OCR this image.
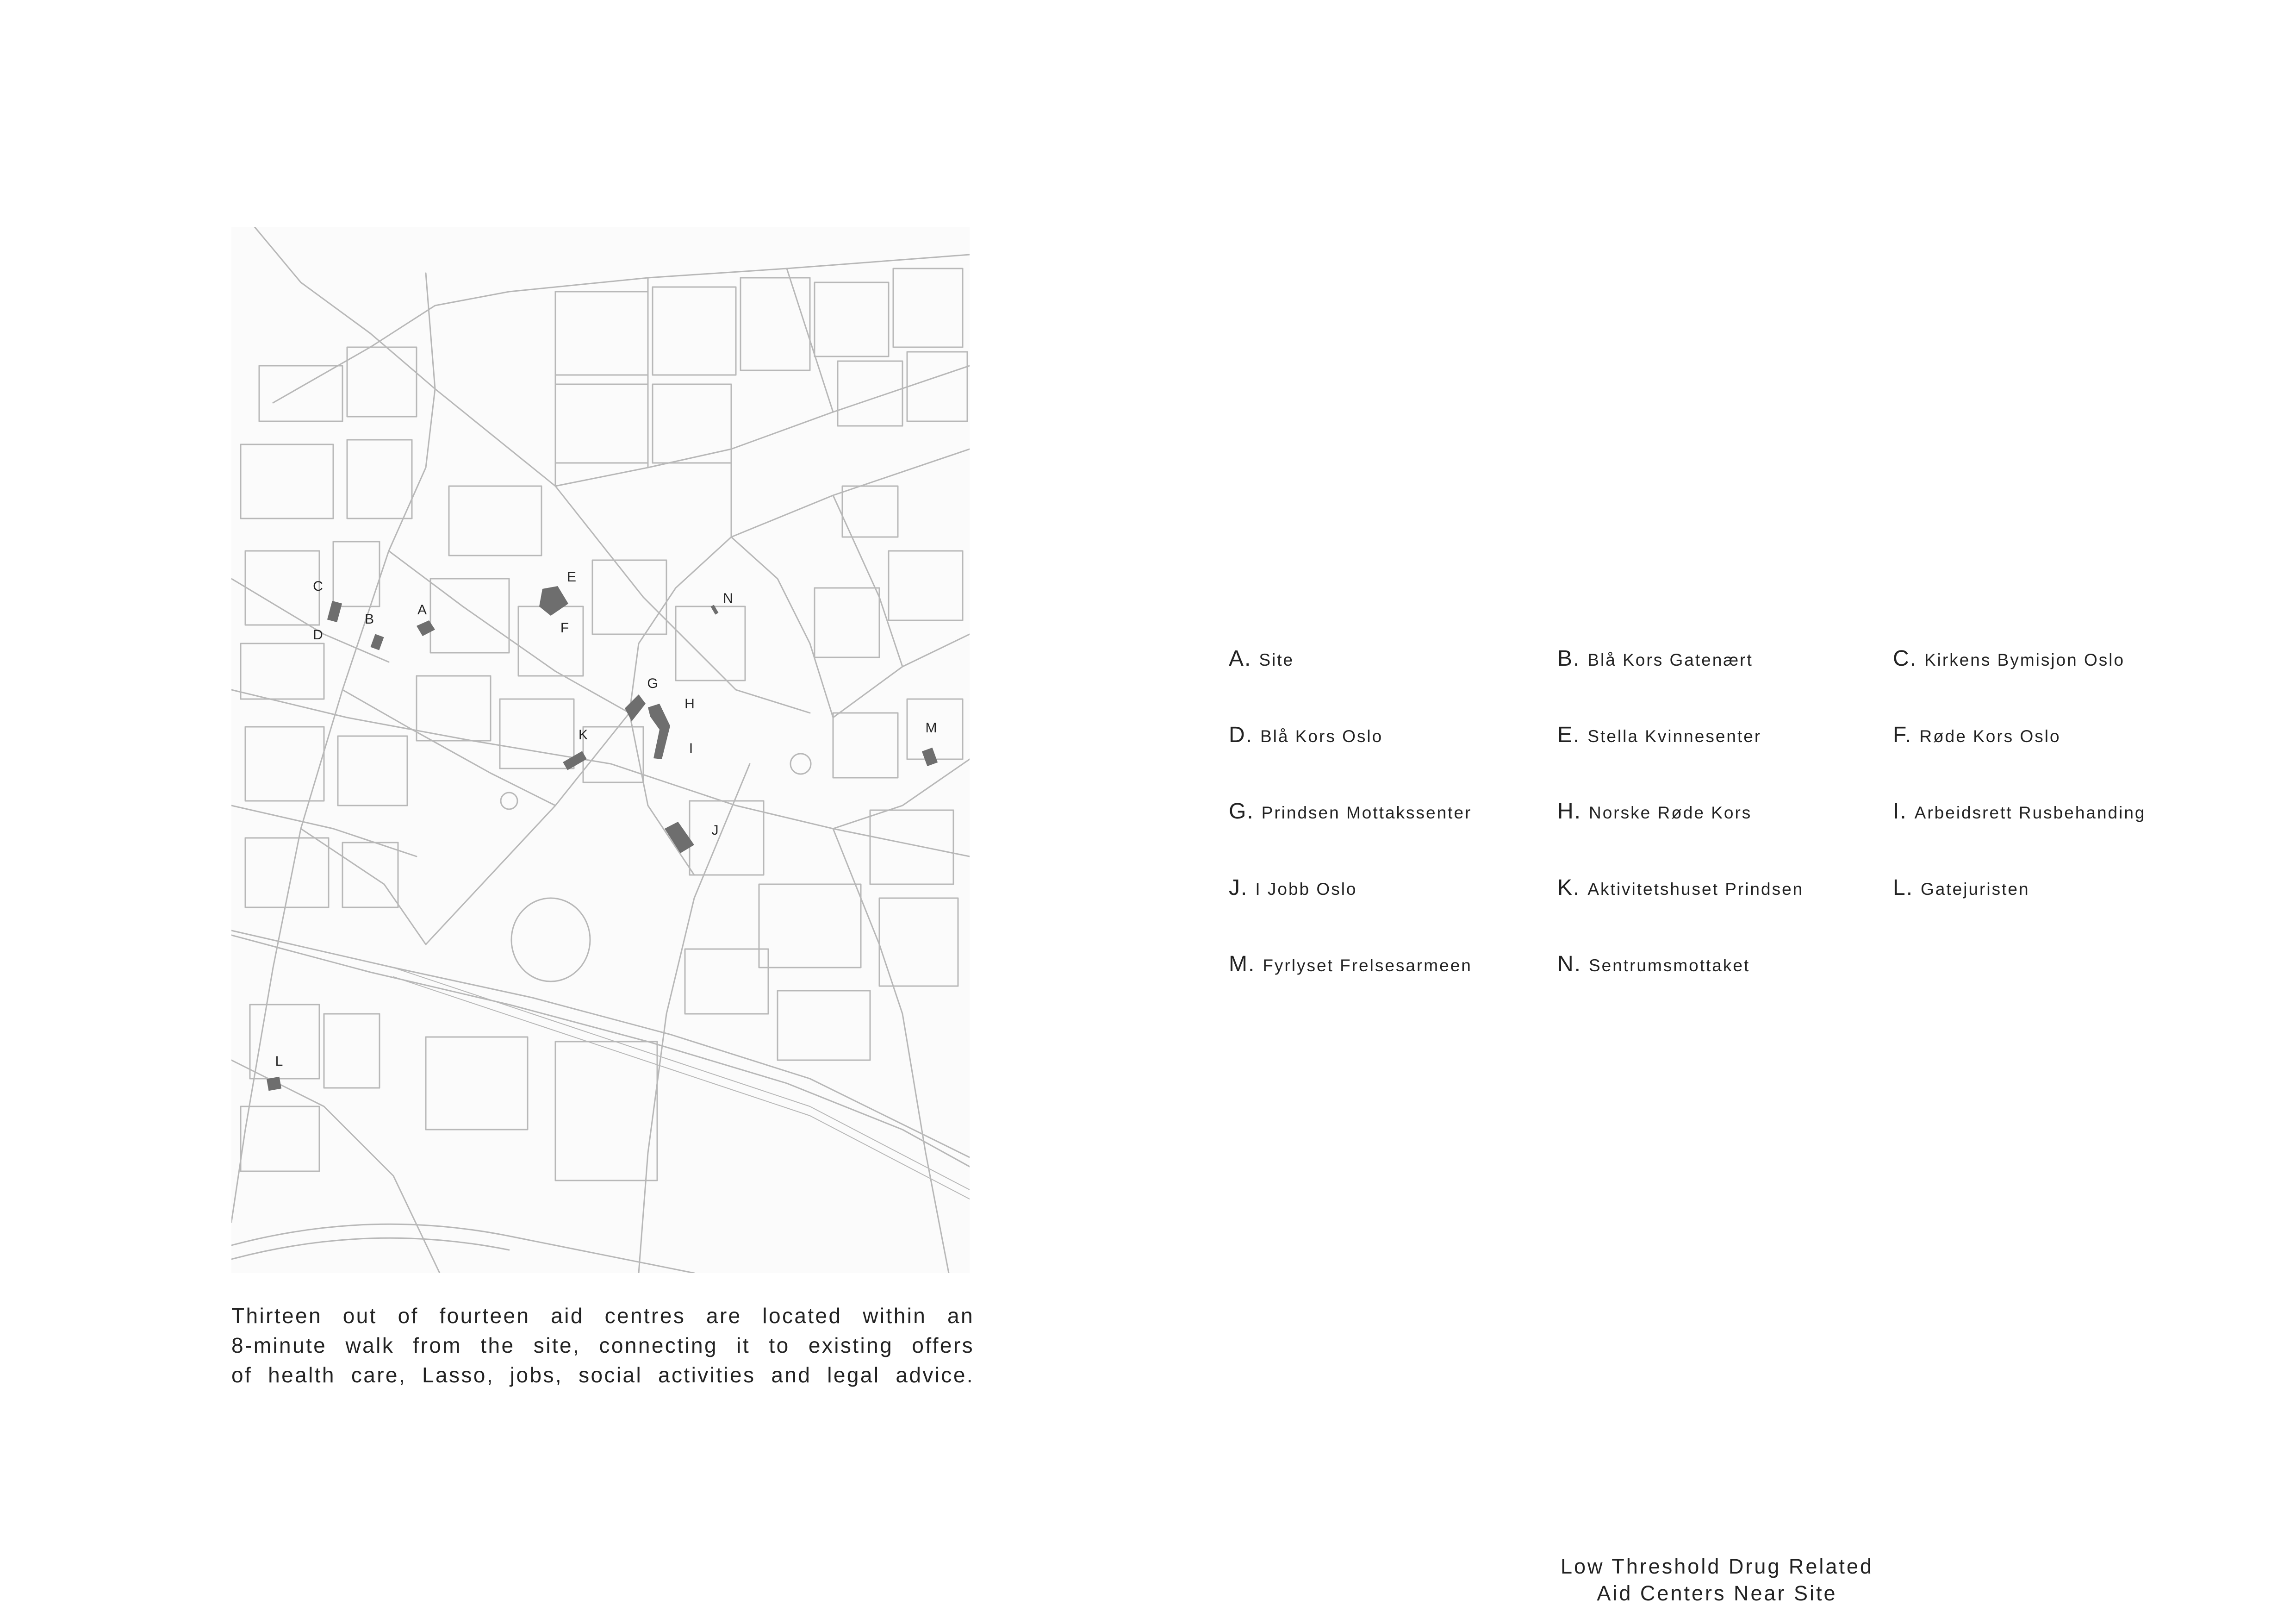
A
B
C
D
E
F
G
H
I
J
K
L
M
N
Thirteen out of fourteen aid centres are located within an
8-minute walk from the site, connecting it to existing offers
of health care, Lasso, jobs, social activities and legal advice.
A. Site	B. Blå Kors Gatenært	C. Kirkens Bymisjon Oslo
D. Blå Kors Oslo	E. Stella Kvinnesenter	F. Røde Kors Oslo
G. Prindsen Mottakssenter	H. Norske Røde Kors	I. Arbeidsrett Rusbehanding
J. I Jobb Oslo	K. Aktivitetshuset Prindsen	L. Gatejuristen
M. Fyrlyset Frelsesarmeen	N. Sentrumsmottaket
Low Threshold Drug Related
Aid Centers Near Site
